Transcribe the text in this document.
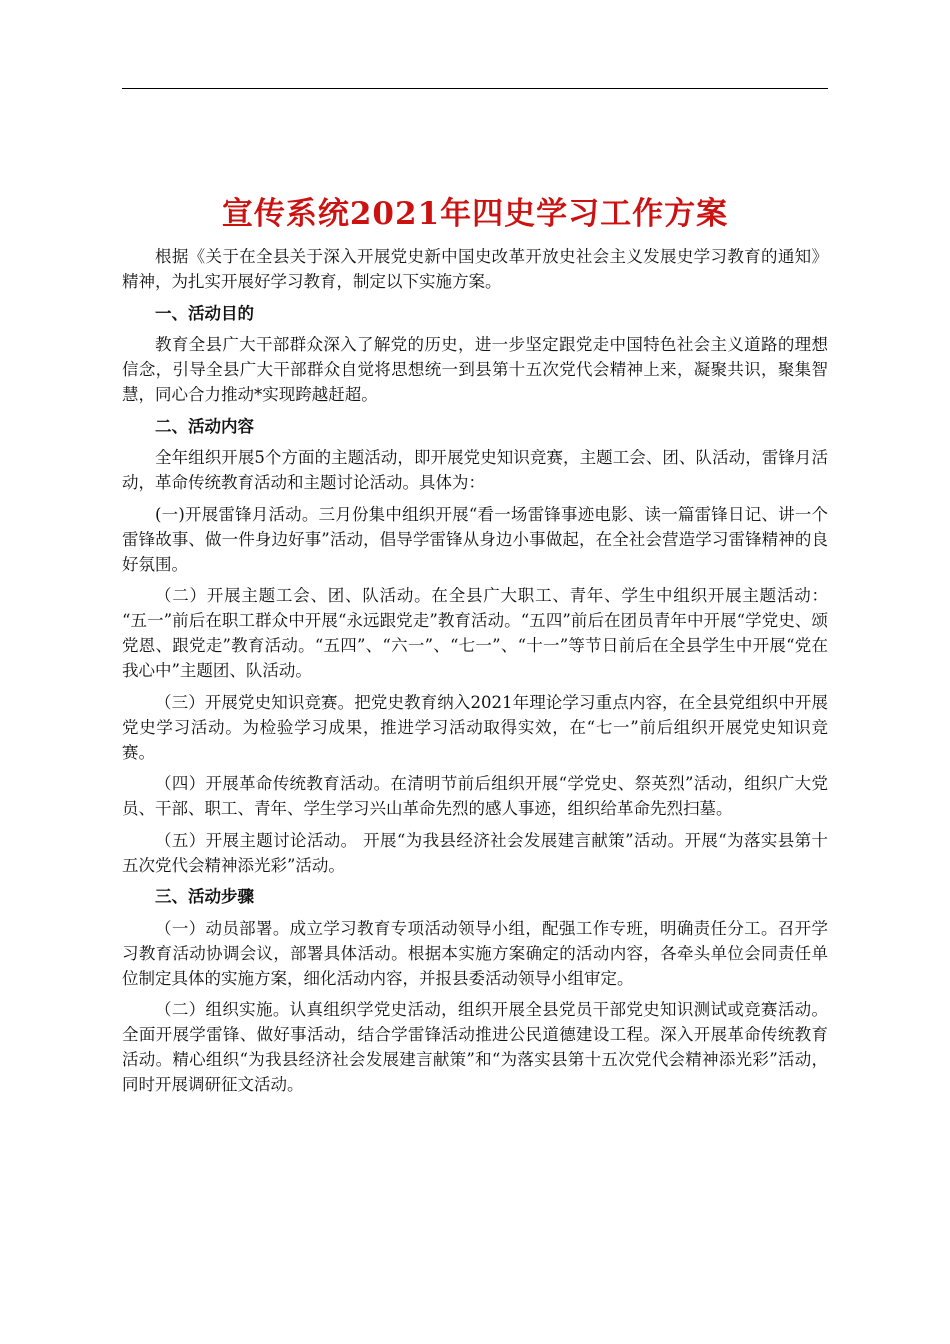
宣传系统2021年四史学习工作方案

根据《关于在全县关于深入开展党史新中国史改革开放史社会主义发展史学习教育的通知》精神，为扎实开展好学习教育，制定以下实施方案。

一、活动目的

教育全县广大干部群众深入了解党的历史，进一步坚定跟党走中国特色社会主义道路的理想信念，引导全县广大干部群众自觉将思想统一到县第十五次党代会精神上来，凝聚共识，聚集智慧，同心合力推动*实现跨越赶超。

二、活动内容

全年组织开展5个方面的主题活动，即开展党史知识竞赛，主题工会、团、队活动，雷锋月活动，革命传统教育活动和主题讨论活动。具体为：

(一)开展雷锋月活动。三月份集中组织开展“看一场雷锋事迹电影、读一篇雷锋日记、讲一个雷锋故事、做一件身边好事”活动，倡导学雷锋从身边小事做起，在全社会营造学习雷锋精神的良好氛围。

（二）开展主题工会、团、队活动。在全县广大职工、青年、学生中组织开展主题活动： “五一”前后在职工群众中开展“永远跟党走”教育活动。“五四”前后在团员青年中开展“学党史、颂党恩、跟党走”教育活动。“五四”、“六一”、“七一”、“十一”等节日前后在全县学生中开展“党在我心中”主题团、队活动。

（三）开展党史知识竞赛。把党史教育纳入2021年理论学习重点内容，在全县党组织中开展党史学习活动。为检验学习成果，推进学习活动取得实效，在“七一”前后组织开展党史知识竞赛。

（四）开展革命传统教育活动。在清明节前后组织开展“学党史、祭英烈”活动，组织广大党员、干部、职工、青年、学生学习兴山革命先烈的感人事迹，组织给革命先烈扫墓。

（五）开展主题讨论活动。 开展“为我县经济社会发展建言献策”活动。开展“为落实县第十五次党代会精神添光彩”活动。

三、活动步骤

（一）动员部署。成立学习教育专项活动领导小组，配强工作专班，明确责任分工。召开学习教育活动协调会议，部署具体活动。根据本实施方案确定的活动内容，各牵头单位会同责任单位制定具体的实施方案，细化活动内容，并报县委活动领导小组审定。

（二）组织实施。认真组织学党史活动，组织开展全县党员干部党史知识测试或竞赛活动。全面开展学雷锋、做好事活动，结合学雷锋活动推进公民道德建设工程。深入开展革命传统教育活动。精心组织“为我县经济社会发展建言献策”和“为落实县第十五次党代会精神添光彩”活动，同时开展调研征文活动。
